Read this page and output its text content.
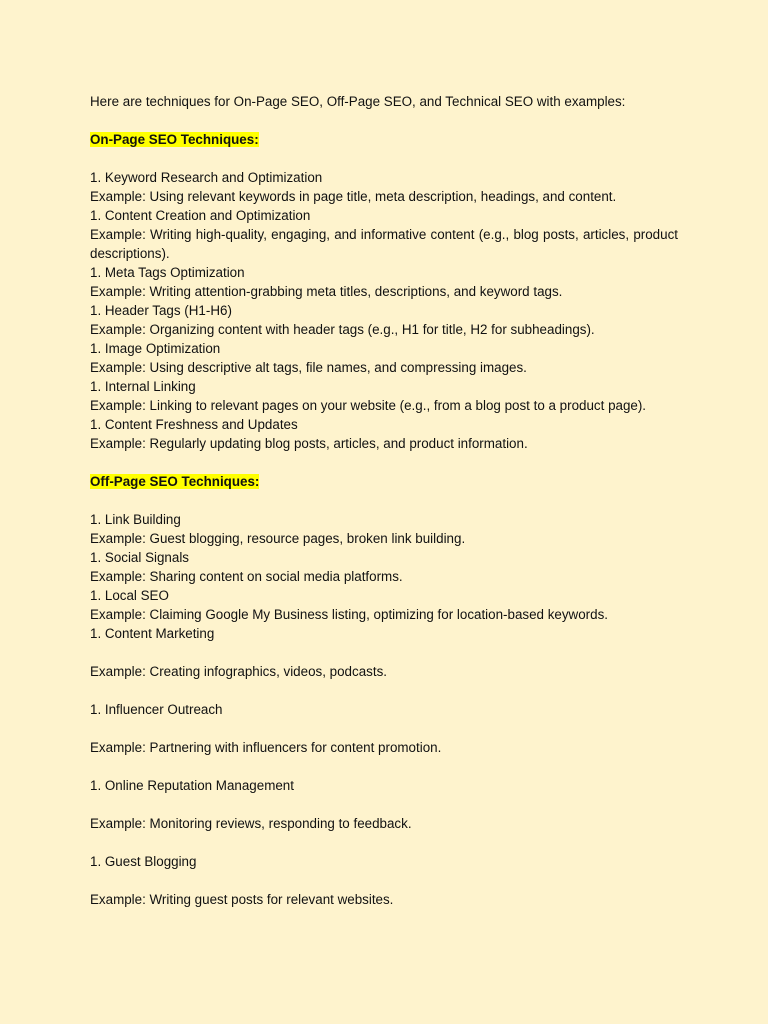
Here are techniques for On-Page SEO, Off-Page SEO, and Technical SEO with examples:

On-Page SEO Techniques:

1. Keyword Research and Optimization

Example: Using relevant keywords in page title, meta description, headings, and content.

1. Content Creation and Optimization

Example: Writing high-quality, engaging, and informative content (e.g., blog posts, articles, product descriptions).

1. Meta Tags Optimization

Example: Writing attention-grabbing meta titles, descriptions, and keyword tags.

1. Header Tags (H1-H6)

Example: Organizing content with header tags (e.g., H1 for title, H2 for subheadings).

1. Image Optimization

Example: Using descriptive alt tags, file names, and compressing images.

1. Internal Linking

Example: Linking to relevant pages on your website (e.g., from a blog post to a product page).

1. Content Freshness and Updates

Example: Regularly updating blog posts, articles, and product information.

Off-Page SEO Techniques:

1. Link Building

Example: Guest blogging, resource pages, broken link building.

1. Social Signals

Example: Sharing content on social media platforms.

1. Local SEO

Example: Claiming Google My Business listing, optimizing for location-based keywords.

1. Content Marketing

Example: Creating infographics, videos, podcasts.

1. Influencer Outreach

Example: Partnering with influencers for content promotion.

1. Online Reputation Management

Example: Monitoring reviews, responding to feedback.

1. Guest Blogging

Example: Writing guest posts for relevant websites.
